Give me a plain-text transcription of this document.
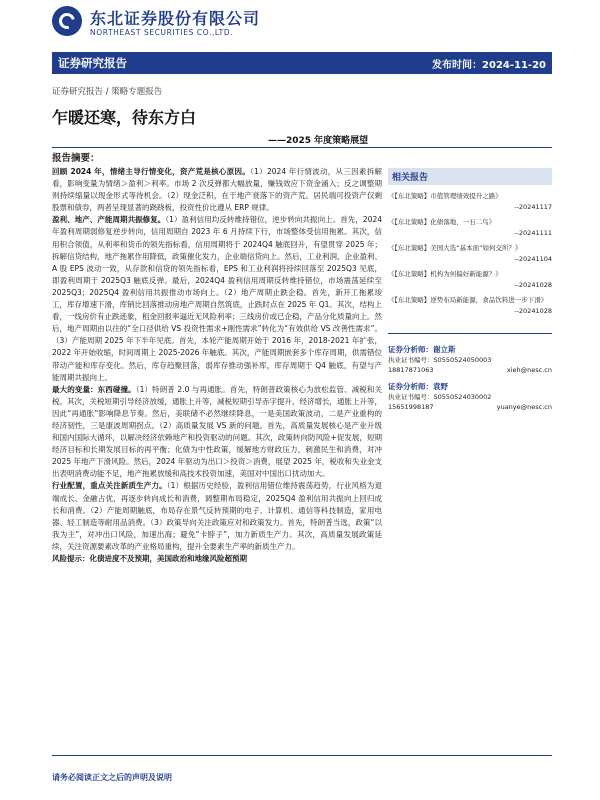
东北证券股份有限公司
NORTHEAST SECURITIES CO.,LTD.
证券研究报告	发布时间：2024-11-20
证券研究报告 / 策略专题报告
乍暖还寒，待东方白
——2025 年度策略展望
报告摘要：

回顾 2024 年，情绪主导行情变化，资产荒是核心原因。（1）2024 年行情波动，从三因素拆解看，影响变量为情绪＞盈利＞利率。市场 2 次反弹都大幅放量，赚钱效应下资金涌入；反之调整期则持续缩量以现金形式等待机会。（2）现金泛积，在于地产衰落下的资产荒。居民端可投资产仅剩股票和债券，两者呈现显著的跷跷板，投资性价比遵从 ERP 规律。

盈利、地产、产能周期共振修复。（1）盈利信用均反转维持错位，逆步转向共振向上。首先，2024 年盈利周期弱修复逆步转向，信用周期自 2023 年 6 月持续下行，市场整体受信用拖累。其次，信用积合领值，从利率和货币的领先指标看，信用周期将于 2024Q4 触底回升，有望贯穿 2025 年；拆解信贷结构，地产拖累作用降低，政策催化发力，企业端信贷向上。然后，工业利润、企业盈利、A 股 EPS 波动一致，从存款和信贷的领先指标看，EPS 和工业利润将持续回落至 2025Q3 见底，即盈利周期于 2025Q3 触底反弹。最后，2024Q4 盈利信用周期反转维持错位，市场震荡延续至 2025Q3；2025Q4 盈利信用共振推动市场向上。（2）地产周期止跌企稳。首先，新开工拖累竣工，库存增速下滑，库销比回落推动房地产周期自然筑底，止跌时点在 2025 年 Q1。其次，结构上看，一线房价有止跌迹象，租金回报率逼近无风险利率；三线房价或已企稳，产品分化质量向上。然后，地产周期由以往的“全口径供给 VS 投资性需求+刚性需求”转化为“有效供给 VS 改善性需求”。（3）产能周期 2025 年下半年见底。首先，本轮产能周期开始于 2016 年，2018-2021 年扩张，2022 年开始收缩，时间周期上 2025-2026 年触底。其次，产能周期嵌套多个库存周期，供需错位带动产能和库存变化。然后，库存趋聚回落，弱库存推动强补库，库存周期于 Q4 触底，有望与产能周期共振向上。

最大的变量：东西碰撞。（1）特朗普 2.0 与再通胀。首先，特朗普政策核心为放松监管、减税和关税。其次，关税短期引导经济放缓，通胀上升等，减税短期引导赤字提升，经济增长，通胀上升等，因此“再通胀”影响降息节奏。然后，美联储不必然继续降息，一是美国政策波动，二是产业重构的经济韧性，三是康波周期拐点。（2）高质量发展 VS 新的问题。首先，高质量发展核心是产业升级和国内国际大循环，以解决经济依赖地产和投资驱动的问题。其次，政策转向防风险+促发展，短期经济目标和长期发展目标的再平衡；化债为中性政策，缓解地方财政压力，刺激民生和消费，对冲 2025 年地产下滑风险。然后，2024 年驱动为出口＞投资＞消费，展望 2025 年，税收和失业金支出表明消费动能不足，地产拖累放缓和高技术投资加速，美国对中国出口扰动加大。

行业配置，重点关注新质生产力。（1）根据历史经验，盈利信用错位维持震荡趋势，行业风格为退端成长、金融占优，再逐步转向成长和消费，调整期布局稳定，2025Q4 盈利信用共振向上回归成长和消费。（2）产能周期触底，布局存在景气反转预期的电子、计算机、通信等科技制造，家用电器、轻工制造等耐用品消费。（3）政策导向关注政策应对和政策发力。首先，特朗普当选，政策“以我为主”，对冲出口风险，加速出海；避免“卡脖子”，加力新质生产力。其次，高质量发展政策延续，关注资源要素改革的产业格局重构，提升全要素生产率的新质生产力。

风险提示：化债进度不及预期，美国政治和地缘风险超预期

相关报告
《【东北策略】市值管理绩效提升之路》
--20241117
《【东北策略】化债落地，一石二鸟》
--20241111
《【东北策略】美国大选“基本面”如何交所？》
--20241104
《【东北策略】机构为何偏好新能源？》
--20241028
《【东北策略】逆势布局新能源，食品饮料进一步下滑》
--20241028
证券分析师：谢立斯
执业证书编号：S0550524050003
18817871063	xieh@nesc.cn
证券分析师：袁野
执业证书编号：S0550524030002
15651998187	yuanye@nesc.cn
请务必阅读正文之后的声明及说明
